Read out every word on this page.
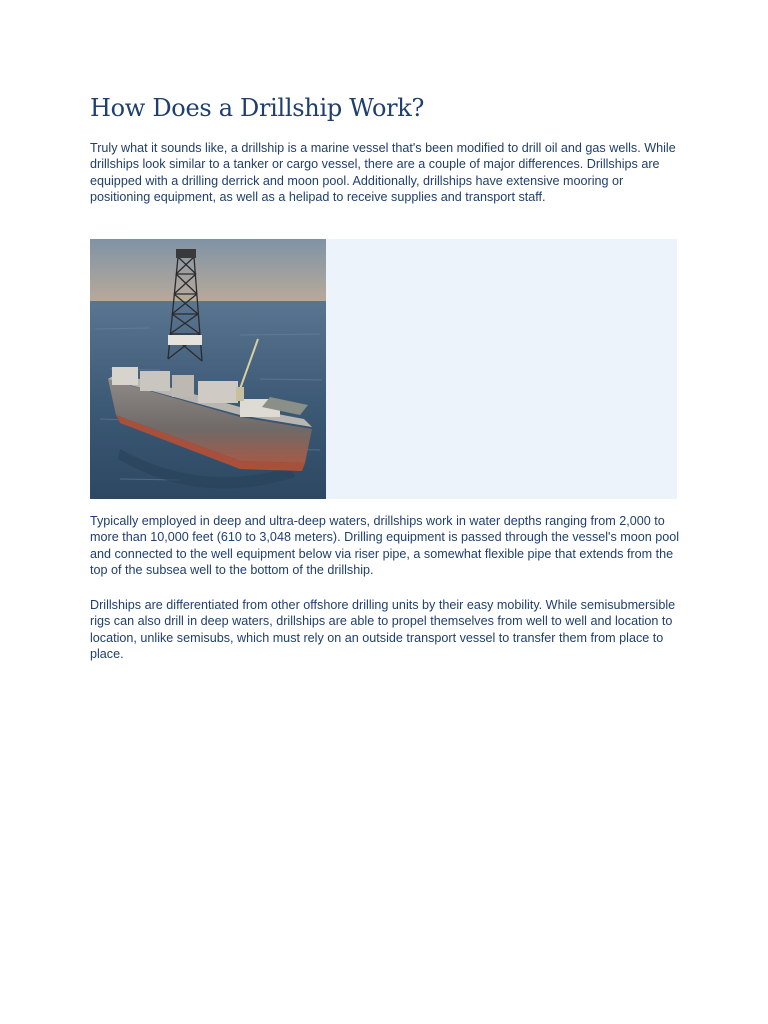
How Does a Drillship Work?

Truly what it sounds like, a drillship is a marine vessel that's been modified to drill oil and gas wells. While drillships look similar to a tanker or cargo vessel, there are a couple of major differences. Drillships are equipped with a drilling derrick and moon pool. Additionally, drillships have extensive mooring or positioning equipment, as well as a helipad to receive supplies and transport staff.

Typically employed in deep and ultra-deep waters, drillships work in water depths ranging from 2,000 to more than 10,000 feet (610 to 3,048 meters). Drilling equipment is passed through the vessel's moon pool and connected to the well equipment below via riser pipe, a somewhat flexible pipe that extends from the top of the subsea well to the bottom of the drillship.

Drillships are differentiated from other offshore drilling units by their easy mobility. While semisubmersible rigs can also drill in deep waters, drillships are able to propel themselves from well to well and location to location, unlike semisubs, which must rely on an outside transport vessel to transfer them from place to place.
